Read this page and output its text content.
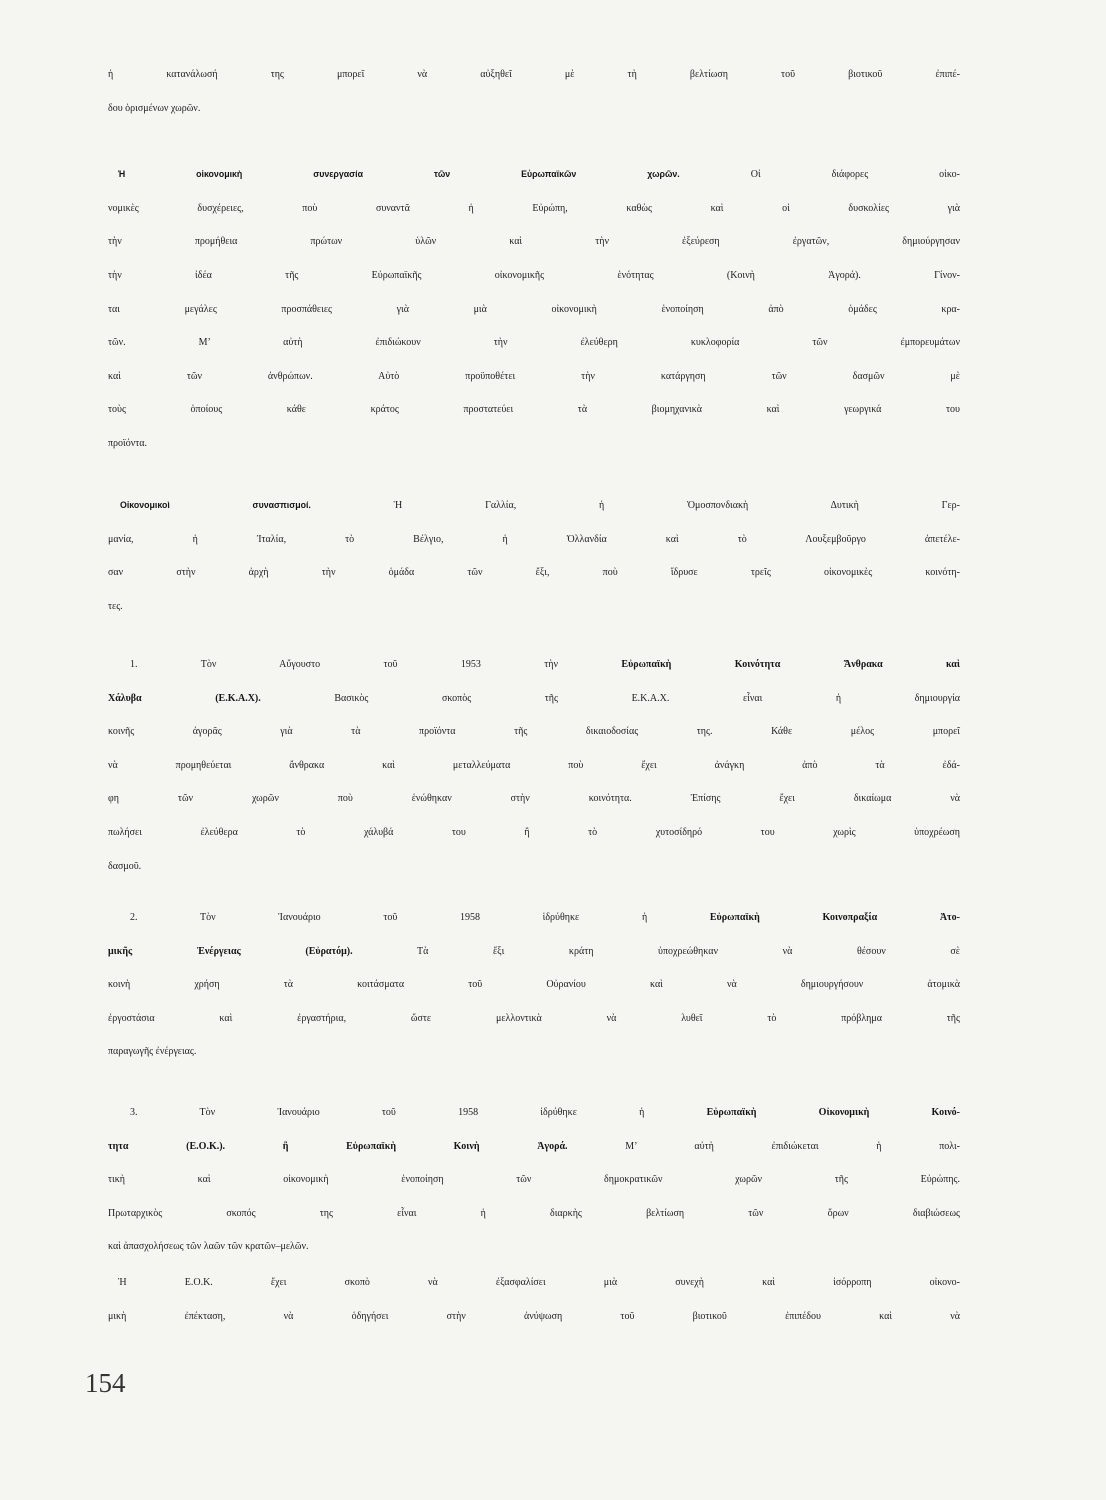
ἡ κατανάλωσή της μπορεῖ νὰ αὐξηθεῖ μὲ τὴ βελτίωση τοῦ βιοτικοῦ ἐπιπέ-
δου ὁρισμένων χωρῶν.
Ἡ οἰκονομικὴ συνεργασία τῶν Εὐρωπαϊκῶν χωρῶν. Οἱ διάφορες οἰκο-
νομικὲς δυσχέρειες, ποὺ συναντᾶ ἡ Εὐρώπη, καθὼς καὶ οἱ δυσκολίες γιὰ
τὴν προμήθεια πρώτων ὑλῶν καὶ τὴν ἐξεύρεση ἐργατῶν, δημιούργησαν
τὴν ἰδέα τῆς Εὐρωπαϊκῆς οἰκονομικῆς ἑνότητας (Κοινὴ Ἀγορά). Γίνον-
ται μεγάλες προσπάθειες γιὰ μιὰ οἰκονομικὴ ἑνοποίηση ἀπὸ ὁμάδες κρα-
τῶν. Μ’ αὐτὴ ἐπιδιώκουν τὴν ἐλεύθερη κυκλοφορία τῶν ἐμπορευμάτων
καὶ τῶν ἀνθρώπων. Αὐτὸ προϋποθέτει τὴν κατάργηση τῶν δασμῶν μὲ
τοὺς ὁποίους κάθε κράτος προστατεύει τὰ βιομηχανικὰ καὶ γεωργικά του
προϊόντα.
Οἰκονομικοὶ συνασπισμοί. Ἡ Γαλλία, ἡ Ὁμοσπονδιακὴ Δυτικὴ Γερ-
μανία, ἡ Ἰταλία, τὸ Βέλγιο, ἡ Ὀλλανδία καὶ τὸ Λουξεμβοῦργο ἀπετέλε-
σαν στὴν ἀρχὴ τὴν ὁμάδα τῶν ἔξι, ποὺ ἵδρυσε τρεῖς οἰκονομικὲς κοινότη-
τες.
1. Τὸν Αὔγουστο τοῦ 1953 τὴν Εὐρωπαϊκὴ Κοινότητα Ἄνθρακα καὶ
Χάλυβα (Ε.Κ.Α.Χ). Βασικὸς σκοπὸς τῆς Ε.Κ.Α.Χ. εἶναι ἡ δημιουργία
κοινῆς ἀγορᾶς γιὰ τὰ προϊόντα τῆς δικαιοδοσίας της. Κάθε μέλος μπορεῖ
νὰ προμηθεύεται ἄνθρακα καὶ μεταλλεύματα ποὺ ἔχει ἀνάγκη ἀπὸ τὰ ἐδά-
φη τῶν χωρῶν ποὺ ἑνώθηκαν στὴν κοινότητα. Ἐπίσης ἔχει δικαίωμα νὰ
πωλήσει ἐλεύθερα τὸ χάλυβά του ἢ τὸ χυτοσίδηρό του χωρὶς ὑποχρέωση
δασμοῦ.
2. Τὸν Ἰανουάριο τοῦ 1958 ἱδρύθηκε ἡ Εὐρωπαϊκὴ Κοινοπραξία Ἀτο-
μικῆς Ἐνέργειας (Εὐρατόμ). Τὰ ἔξι κράτη ὑποχρεώθηκαν νὰ θέσουν σὲ
κοινὴ χρήση τὰ κοιτάσματα τοῦ Οὐρανίου καὶ νὰ δημιουργήσουν ἀτομικὰ
ἐργοστάσια καὶ ἐργαστήρια, ὥστε μελλοντικὰ νὰ λυθεῖ τὸ πρόβλημα τῆς
παραγωγῆς ἐνέργειας.
3. Τὸν Ἰανουάριο τοῦ 1958 ἱδρύθηκε ἡ Εὐρωπαϊκὴ Οἰκονομικὴ Κοινό-
τητα (Ε.Ο.Κ.). ἢ Εὐρωπαϊκὴ Κοινὴ Ἀγορά. Μ’ αὐτὴ ἐπιδιώκεται ἡ πολι-
τικὴ καὶ οἰκονομικὴ ἑνοποίηση τῶν δημοκρατικῶν χωρῶν τῆς Εὐρώπης.
Πρωταρχικὸς σκοπός της εἶναι ἡ διαρκὴς βελτίωση τῶν ὅρων διαβιώσεως
καὶ ἀπασχολήσεως τῶν λαῶν τῶν κρατῶν–μελῶν.
Ἡ Ε.Ο.Κ. ἔχει σκοπὸ νὰ ἐξασφαλίσει μιὰ συνεχὴ καὶ ἰσόρροπη οἰκονο-
μικὴ ἐπέκταση, νὰ ὁδηγήσει στὴν ἀνύψωση τοῦ βιοτικοῦ ἐπιπέδου καὶ νὰ
154
